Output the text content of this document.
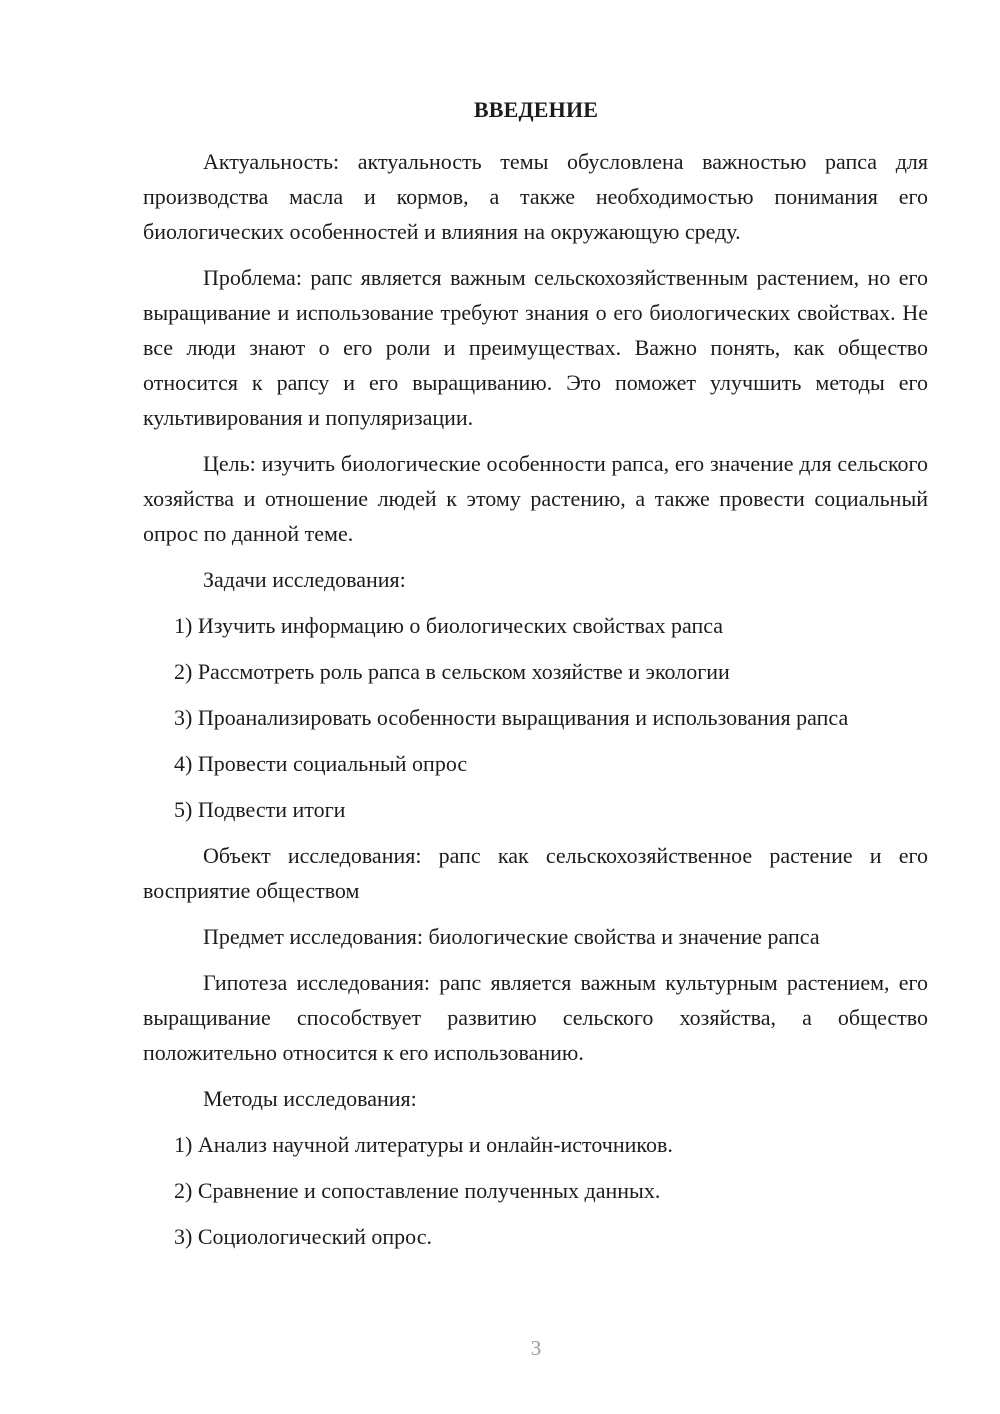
ВВЕДЕНИЕ

Актуальность: актуальность темы обусловлена важностью рапса для производства масла и кормов, а также необходимостью понимания его биологических особенностей и влияния на окружающую среду.

Проблема: рапс является важным сельскохозяйственным растением, но его выращивание и использование требуют знания о его биологических свойствах. Не все люди знают о его роли и преимуществах. Важно понять, как общество относится к рапсу и его выращиванию. Это поможет улучшить методы его культивирования и популяризации.

Цель: изучить биологические особенности рапса, его значение для сельского хозяйства и отношение людей к этому растению, а также провести социальный опрос по данной теме.

Задачи исследования:

1) Изучить информацию о биологических свойствах рапса

2) Рассмотреть роль рапса в сельском хозяйстве и экологии

3) Проанализировать особенности выращивания и использования рапса

4) Провести социальный опрос

5) Подвести итоги

Объект исследования: рапс как сельскохозяйственное растение и его восприятие обществом

Предмет исследования: биологические свойства и значение рапса

Гипотеза исследования: рапс является важным культурным растением, его выращивание способствует развитию сельского хозяйства, а общество положительно относится к его использованию.

Методы исследования:

1) Анализ научной литературы и онлайн-источников.

2) Сравнение и сопоставление полученных данных.

3) Социологический опрос.

3
